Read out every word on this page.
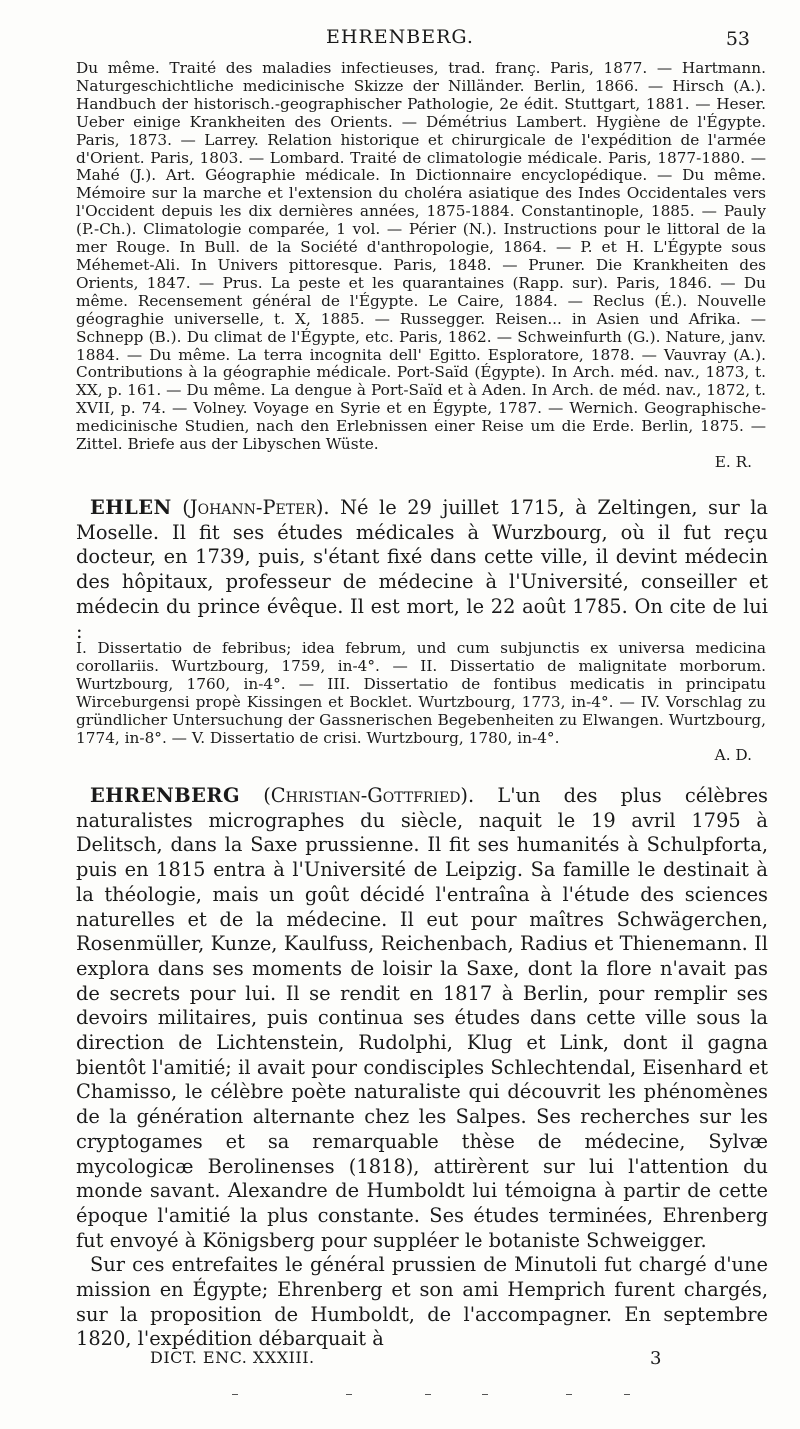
EHRENBERG.	53

Du même. Traité des maladies infectieuses, trad. franç. Paris, 1877. — Hartmann. Naturgeschichtliche medicinische Skizze der Nilländer. Berlin, 1866. — Hirsch (A.). Handbuch der historisch.-geographischer Pathologie, 2e édit. Stuttgart, 1881. — Heser. Ueber einige Krankheiten des Orients. — Démétrius Lambert. Hygiène de l'Égypte. Paris, 1873. — Larrey. Relation historique et chirurgicale de l'expédition de l'armée d'Orient. Paris, 1803. — Lombard. Traité de climatologie médicale. Paris, 1877-1880. — Mahé (J.). Art. Géographie médicale. In Dictionnaire encyclopédique. — Du même. Mémoire sur la marche et l'extension du choléra asiatique des Indes Occidentales vers l'Occident depuis les dix dernières années, 1875-1884. Constantinople, 1885. — Pauly (P.-Ch.). Climatologie comparée, 1 vol. — Périer (N.). Instructions pour le littoral de la mer Rouge. In Bull. de la Société d'anthropologie, 1864. — P. et H. L'Égypte sous Méhemet-Ali. In Univers pittoresque. Paris, 1848. — Pruner. Die Krankheiten des Orients, 1847. — Prus. La peste et les quarantaines (Rapp. sur). Paris, 1846. — Du même. Recensement général de l'Égypte. Le Caire, 1884. — Reclus (É.). Nouvelle géograghie universelle, t. X, 1885. — Russegger. Reisen... in Asien und Afrika. — Schnepp (B.). Du climat de l'Égypte, etc. Paris, 1862. — Schweinfurth (G.). Nature, janv. 1884. — Du même. La terra incognita dell' Egitto. Esploratore, 1878. — Vauvray (A.). Contributions à la géographie médicale. Port-Saïd (Égypte). In Arch. méd. nav., 1873, t. XX, p. 161. — Du même. La dengue à Port-Saïd et à Aden. In Arch. de méd. nav., 1872, t. XVII, p. 74. — Volney. Voyage en Syrie et en Égypte, 1787. — Wernich. Geographische-medicinische Studien, nach den Erlebnissen einer Reise um die Erde. Berlin, 1875. — Zittel. Briefe aus der Libyschen Wüste.

E. R.

EHLEN (Johann-Peter). Né le 29 juillet 1715, à Zeltingen, sur la Moselle. Il fit ses études médicales à Wurzbourg, où il fut reçu docteur, en 1739, puis, s'étant fixé dans cette ville, il devint médecin des hôpitaux, professeur de médecine à l'Université, conseiller et médecin du prince évêque. Il est mort, le 22 août 1785. On cite de lui :

I. Dissertatio de febribus; idea februm, und cum subjunctis ex universa medicina corollariis. Wurtzbourg, 1759, in-4°. — II. Dissertatio de malignitate morborum. Wurtzbourg, 1760, in-4°. — III. Dissertatio de fontibus medicatis in principatu Wirceburgensi propè Kissingen et Bocklet. Wurtzbourg, 1773, in-4°. — IV. Vorschlag zu gründlicher Untersuchung der Gassnerischen Begebenheiten zu Elwangen. Wurtzbourg, 1774, in-8°. — V. Dissertatio de crisi. Wurtzbourg, 1780, in-4°.

A. D.

EHRENBERG (Christian-Gottfried). L'un des plus célèbres naturalistes micrographes du siècle, naquit le 19 avril 1795 à Delitsch, dans la Saxe prussienne. Il fit ses humanités à Schulpforta, puis en 1815 entra à l'Université de Leipzig. Sa famille le destinait à la théologie, mais un goût décidé l'entraîna à l'étude des sciences naturelles et de la médecine. Il eut pour maîtres Schwägerchen, Rosenmüller, Kunze, Kaulfuss, Reichenbach, Radius et Thienemann. Il explora dans ses moments de loisir la Saxe, dont la flore n'avait pas de secrets pour lui. Il se rendit en 1817 à Berlin, pour remplir ses devoirs militaires, puis continua ses études dans cette ville sous la direction de Lichtenstein, Rudolphi, Klug et Link, dont il gagna bientôt l'amitié; il avait pour condisciples Schlechtendal, Eisenhard et Chamisso, le célèbre poète naturaliste qui découvrit les phénomènes de la génération alternante chez les Salpes. Ses recherches sur les cryptogames et sa remarquable thèse de médecine, Sylvæ mycologicæ Berolinenses (1818), attirèrent sur lui l'attention du monde savant. Alexandre de Humboldt lui témoigna à partir de cette époque l'amitié la plus constante. Ses études terminées, Ehrenberg fut envoyé à Königsberg pour suppléer le botaniste Schweigger.

Sur ces entrefaites le général prussien de Minutoli fut chargé d'une mission en Égypte; Ehrenberg et son ami Hemprich furent chargés, sur la proposition de Humboldt, de l'accompagner. En septembre 1820, l'expédition débarquait à

DICT. ENC. XXXIII.	3
